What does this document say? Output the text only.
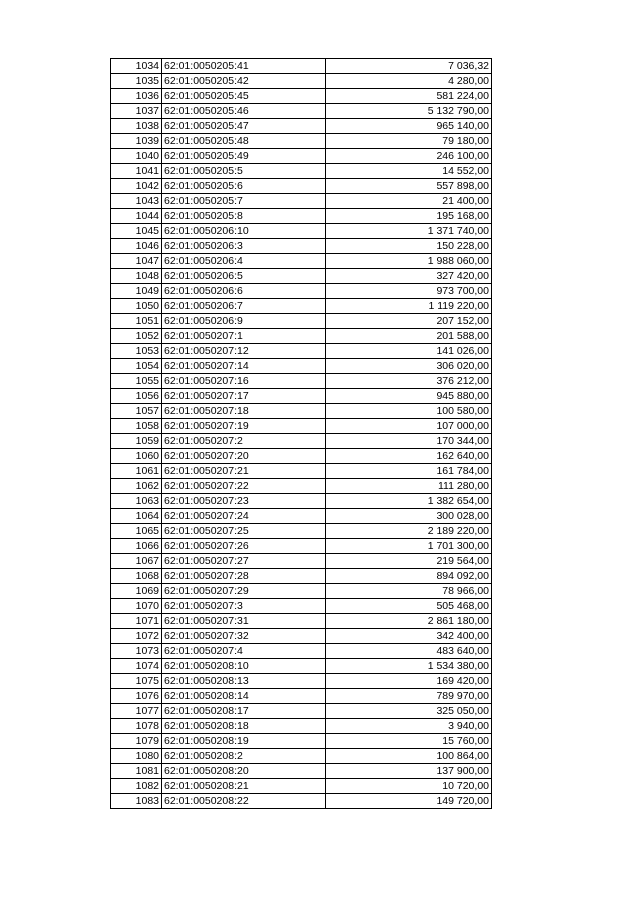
1034	62:01:0050205:41	7 036,32
1035	62:01:0050205:42	4 280,00
1036	62:01:0050205:45	581 224,00
1037	62:01:0050205:46	5 132 790,00
1038	62:01:0050205:47	965 140,00
1039	62:01:0050205:48	79 180,00
1040	62:01:0050205:49	246 100,00
1041	62:01:0050205:5	14 552,00
1042	62:01:0050205:6	557 898,00
1043	62:01:0050205:7	21 400,00
1044	62:01:0050205:8	195 168,00
1045	62:01:0050206:10	1 371 740,00
1046	62:01:0050206:3	150 228,00
1047	62:01:0050206:4	1 988 060,00
1048	62:01:0050206:5	327 420,00
1049	62:01:0050206:6	973 700,00
1050	62:01:0050206:7	1 119 220,00
1051	62:01:0050206:9	207 152,00
1052	62:01:0050207:1	201 588,00
1053	62:01:0050207:12	141 026,00
1054	62:01:0050207:14	306 020,00
1055	62:01:0050207:16	376 212,00
1056	62:01:0050207:17	945 880,00
1057	62:01:0050207:18	100 580,00
1058	62:01:0050207:19	107 000,00
1059	62:01:0050207:2	170 344,00
1060	62:01:0050207:20	162 640,00
1061	62:01:0050207:21	161 784,00
1062	62:01:0050207:22	111 280,00
1063	62:01:0050207:23	1 382 654,00
1064	62:01:0050207:24	300 028,00
1065	62:01:0050207:25	2 189 220,00
1066	62:01:0050207:26	1 701 300,00
1067	62:01:0050207:27	219 564,00
1068	62:01:0050207:28	894 092,00
1069	62:01:0050207:29	78 966,00
1070	62:01:0050207:3	505 468,00
1071	62:01:0050207:31	2 861 180,00
1072	62:01:0050207:32	342 400,00
1073	62:01:0050207:4	483 640,00
1074	62:01:0050208:10	1 534 380,00
1075	62:01:0050208:13	169 420,00
1076	62:01:0050208:14	789 970,00
1077	62:01:0050208:17	325 050,00
1078	62:01:0050208:18	3 940,00
1079	62:01:0050208:19	15 760,00
1080	62:01:0050208:2	100 864,00
1081	62:01:0050208:20	137 900,00
1082	62:01:0050208:21	10 720,00
1083	62:01:0050208:22	149 720,00
